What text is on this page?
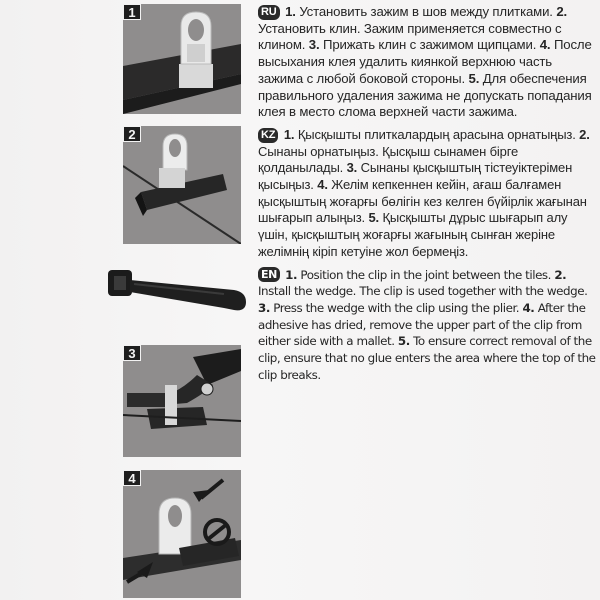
1
2
3
4

RU 1. Установить зажим в шов между плитками. 2. Установить клин. Зажим применяется совместно с клином. 3. Прижать клин с зажимом щипцами. 4. После высыхания клея удалить киянкой верхнюю часть зажима с любой боковой стороны. 5. Для обеспечения правильного удаления зажима не допускать попадания клея в место слома верхней части зажима.

KZ 1. Қысқышты плиткалардың арасына орнатыңыз. 2. Сынаны орнатыңыз. Қысқыш сынамен бірге қолданылады. 3. Сынаны қысқыштың тістеуіктерімен қысыңыз. 4. Желім кепкеннен кейін, ағаш балғамен қысқыштың жоғарғы бөлігін кез келген бүйірлік жағынан шығарып алыңыз. 5. Қысқышты дұрыс шығарып алу үшін, қысқыштың жоғарғы жағының сынған жеріне желімнің кіріп кетуіне жол бермеңіз.

EN 1. Position the clip in the joint between the tiles. 2. Install the wedge. The clip is used together with the wedge. 3. Press the wedge with the clip using the plier. 4. After the adhesive has dried, remove the upper part of the clip from either side with a mallet. 5. To ensure correct removal of the clip, ensure that no glue enters the area where the top of the clip breaks.
